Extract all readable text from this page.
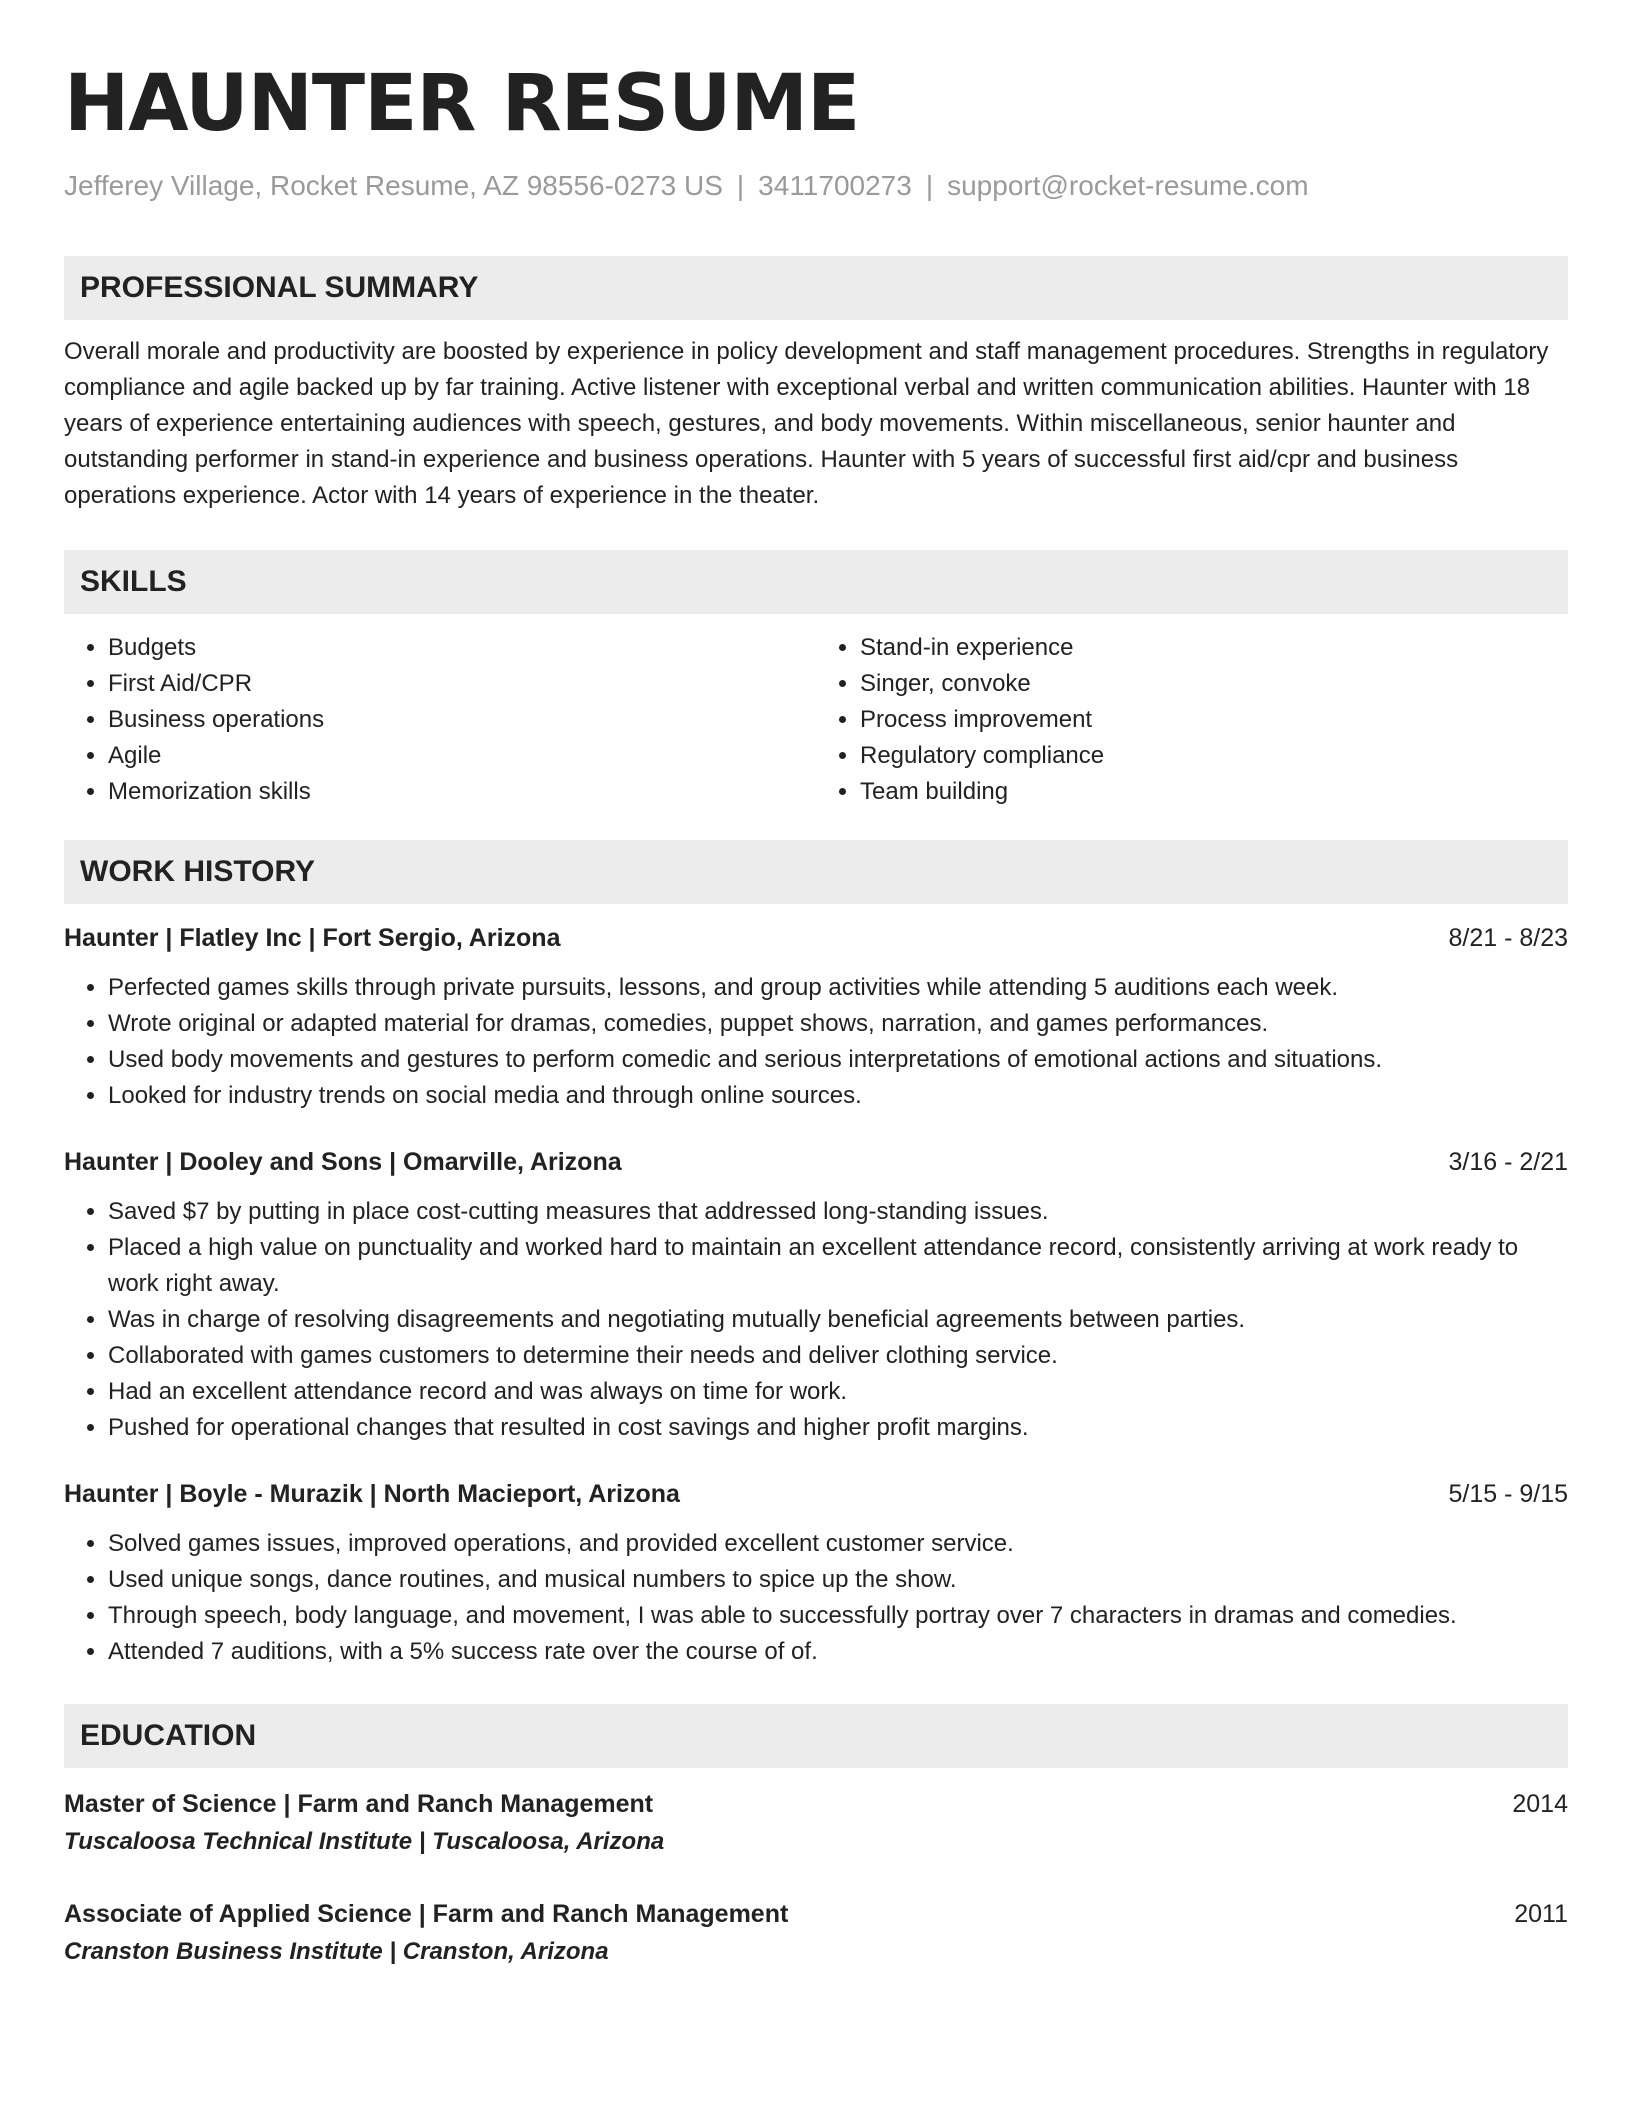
HAUNTER RESUME
Jefferey Village, Rocket Resume, AZ 98556-0273 US | 3411700273 | support@rocket-resume.com
PROFESSIONAL SUMMARY
Overall morale and productivity are boosted by experience in policy development and staff management procedures. Strengths in regulatory compliance and agile backed up by far training. Active listener with exceptional verbal and written communication abilities. Haunter with 18 years of experience entertaining audiences with speech, gestures, and body movements. Within miscellaneous, senior haunter and outstanding performer in stand-in experience and business operations. Haunter with 5 years of successful first aid/cpr and business operations experience. Actor with 14 years of experience in the theater.
SKILLS
• Budgets
• First Aid/CPR
• Business operations
• Agile
• Memorization skills
• Stand-in experience
• Singer, convoke
• Process improvement
• Regulatory compliance
• Team building
WORK HISTORY
Haunter | Flatley Inc | Fort Sergio, Arizona	8/21 - 8/23
• Perfected games skills through private pursuits, lessons, and group activities while attending 5 auditions each week.
• Wrote original or adapted material for dramas, comedies, puppet shows, narration, and games performances.
• Used body movements and gestures to perform comedic and serious interpretations of emotional actions and situations.
• Looked for industry trends on social media and through online sources.
Haunter | Dooley and Sons | Omarville, Arizona	3/16 - 2/21
• Saved $7 by putting in place cost-cutting measures that addressed long-standing issues.
• Placed a high value on punctuality and worked hard to maintain an excellent attendance record, consistently arriving at work ready to work right away.
• Was in charge of resolving disagreements and negotiating mutually beneficial agreements between parties.
• Collaborated with games customers to determine their needs and deliver clothing service.
• Had an excellent attendance record and was always on time for work.
• Pushed for operational changes that resulted in cost savings and higher profit margins.
Haunter | Boyle - Murazik | North Macieport, Arizona	5/15 - 9/15
• Solved games issues, improved operations, and provided excellent customer service.
• Used unique songs, dance routines, and musical numbers to spice up the show.
• Through speech, body language, and movement, I was able to successfully portray over 7 characters in dramas and comedies.
• Attended 7 auditions, with a 5% success rate over the course of of.
EDUCATION
Master of Science | Farm and Ranch Management	2014
Tuscaloosa Technical Institute | Tuscaloosa, Arizona
Associate of Applied Science | Farm and Ranch Management	2011
Cranston Business Institute | Cranston, Arizona
